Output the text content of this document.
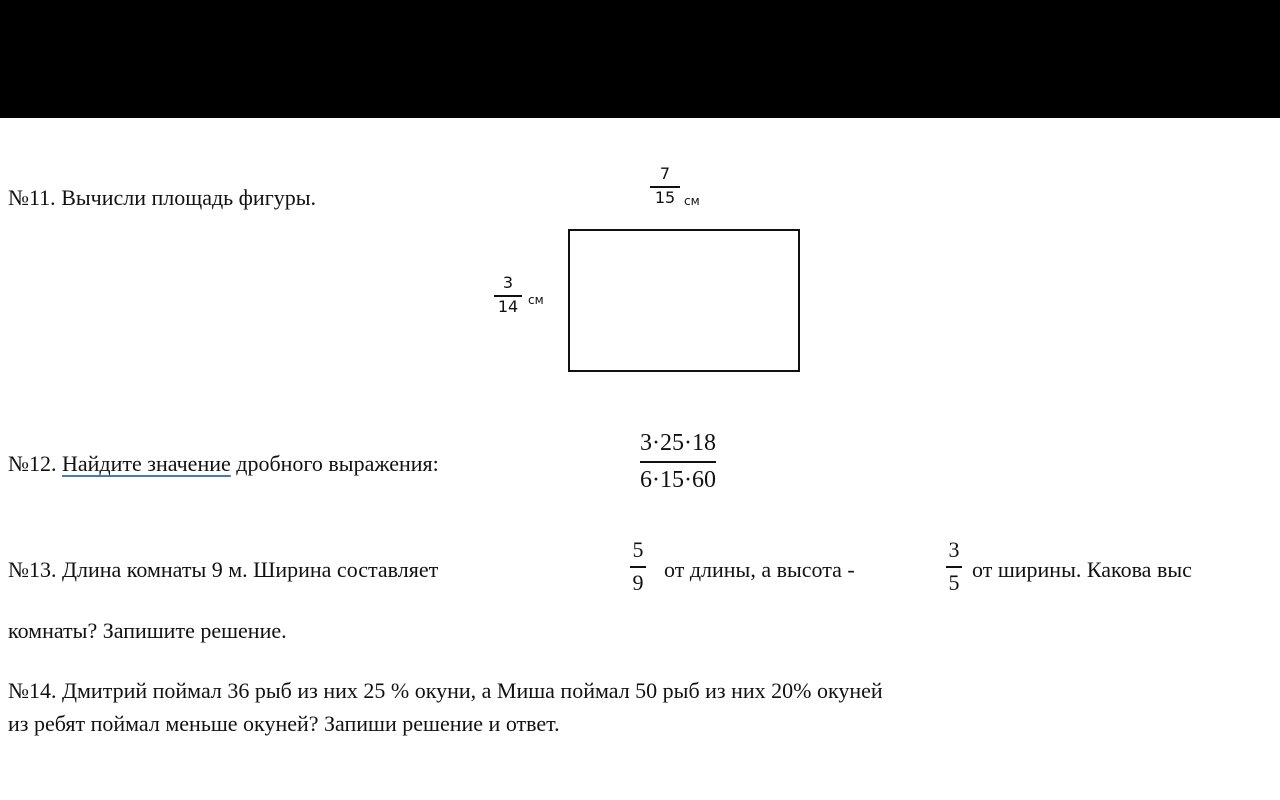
№11. Вычисли площадь фигуры.
7
15 см
3
14 см
№12. Найдите значение дробного выражения:
3·25·18
6·15·60
№13. Длина комнаты 9 м. Ширина составляет
5
9 от длины, а высота -
3
5 от ширины. Какова выс
комнаты? Запишите решение.
№14. Дмитрий поймал 36 рыб из них 25 % окуни, а Миша поймал 50 рыб из них 20% окуней
из ребят поймал меньше окуней? Запиши решение и ответ.
